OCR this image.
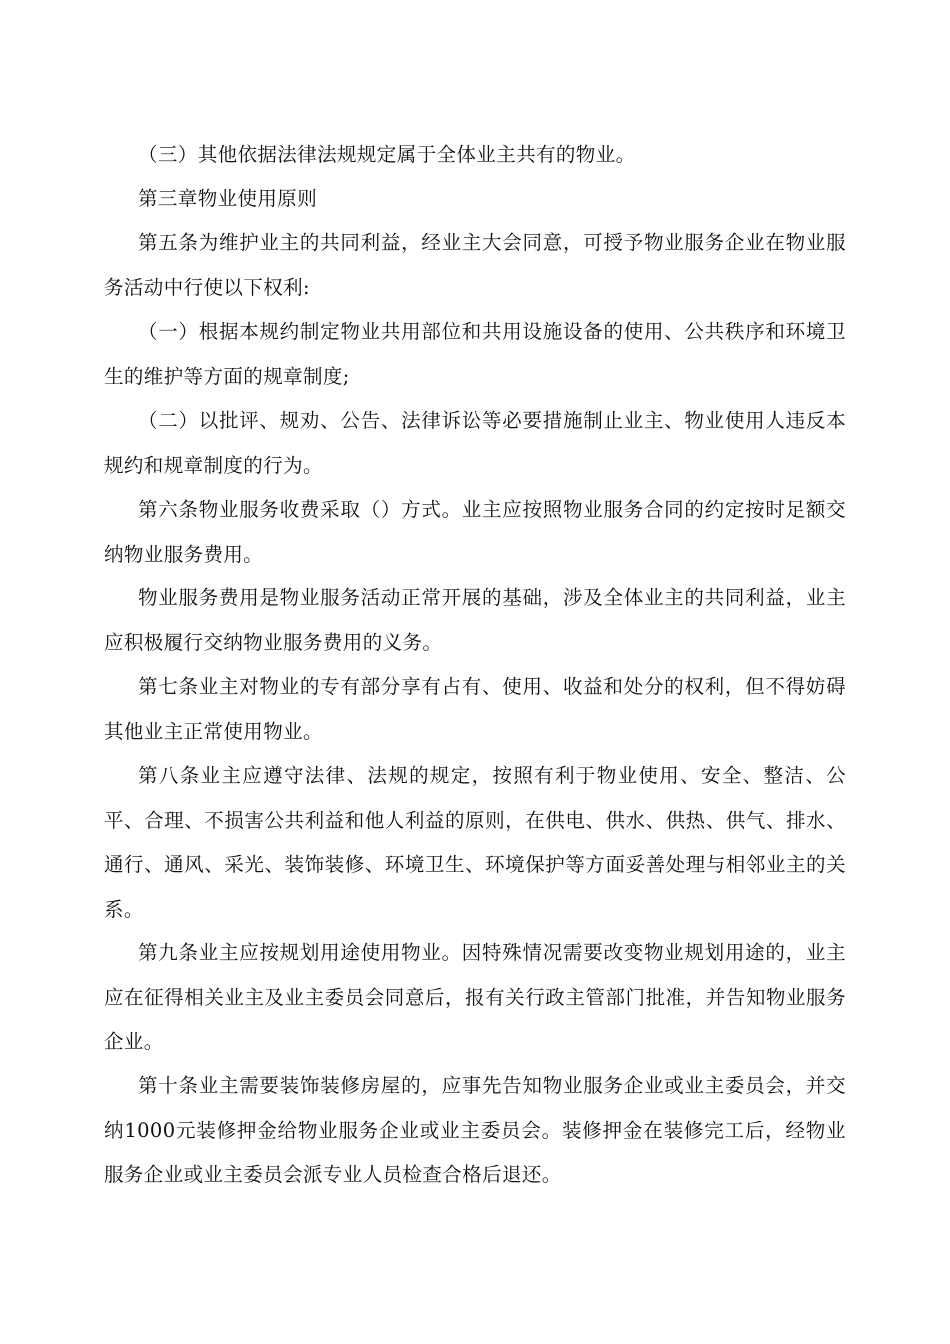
（三）其他依据法律法规规定属于全体业主共有的物业。

第三章物业使用原则

第五条为维护业主的共同利益，经业主大会同意，可授予物业服务企业在物业服务活动中行使以下权利:

（一）根据本规约制定物业共用部位和共用设施设备的使用、公共秩序和环境卫生的维护等方面的规章制度;

（二）以批评、规劝、公告、法律诉讼等必要措施制止业主、物业使用人违反本规约和规章制度的行为。

第六条物业服务收费采取（）方式。业主应按照物业服务合同的约定按时足额交纳物业服务费用。

物业服务费用是物业服务活动正常开展的基础，涉及全体业主的共同利益，业主应积极履行交纳物业服务费用的义务。

第七条业主对物业的专有部分享有占有、使用、收益和处分的权利，但不得妨碍其他业主正常使用物业。

第八条业主应遵守法律、法规的规定，按照有利于物业使用、安全、整洁、公平、合理、不损害公共利益和他人利益的原则，在供电、供水、供热、供气、排水、通行、通风、采光、装饰装修、环境卫生、环境保护等方面妥善处理与相邻业主的关系。

第九条业主应按规划用途使用物业。因特殊情况需要改变物业规划用途的，业主应在征得相关业主及业主委员会同意后，报有关行政主管部门批准，并告知物业服务企业。

第十条业主需要装饰装修房屋的，应事先告知物业服务企业或业主委员会，并交纳1000元装修押金给物业服务企业或业主委员会。装修押金在装修完工后，经物业服务企业或业主委员会派专业人员检查合格后退还。
